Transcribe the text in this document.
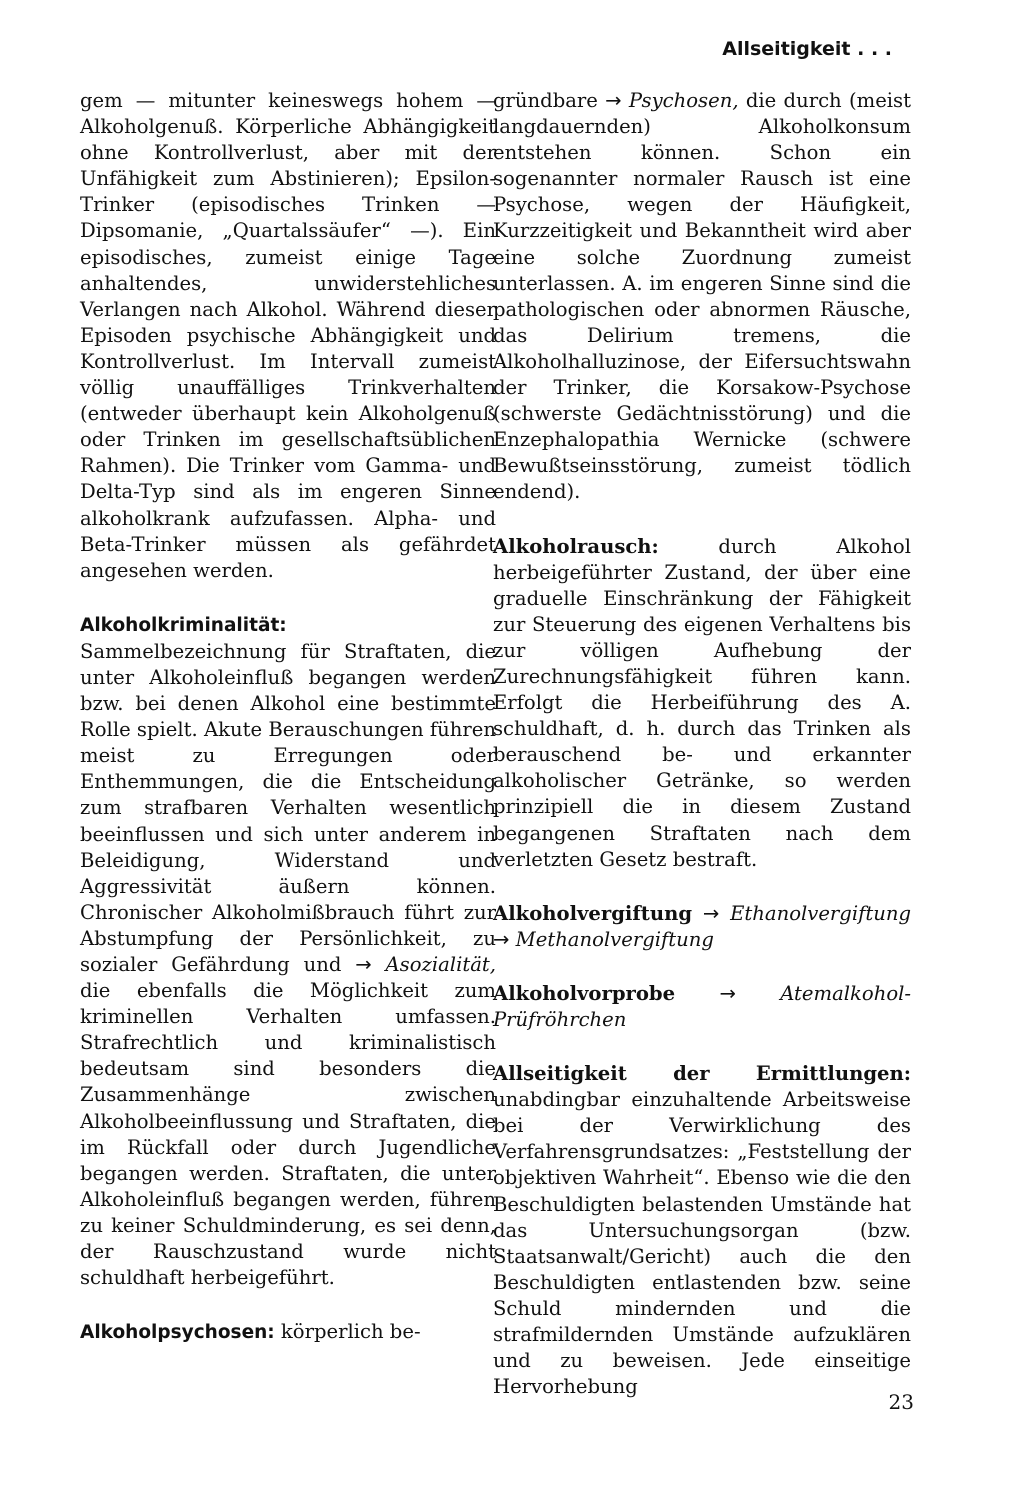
Allseitigkeit . . .

gem — mitunter keineswegs hohem — Alkoholgenuß. Körperliche Abhängigkeit ohne Kontrollverlust, aber mit der Unfähigkeit zum Abstinieren); Epsilon-Trinker (episodisches Trinken — Dipsomanie, „Quartalssäufer“ —). Ein episodisches, zumeist einige Tage anhaltendes, unwiderstehliches Verlangen nach Alkohol. Während dieser Episoden psychische Abhängigkeit und Kontrollverlust. Im Intervall zumeist völlig unauffälliges Trinkverhalten (entweder überhaupt kein Alkoholgenuß oder Trinken im gesellschaftsüblichen Rahmen). Die Trinker vom Gamma- und Delta-Typ sind als im engeren Sinne alkoholkrank aufzufassen. Alpha- und Beta-Trinker müssen als gefährdet angesehen werden.

Alkoholkriminalität: Sammelbezeichnung für Straftaten, die unter Alkoholeinfluß begangen werden bzw. bei denen Alkohol eine bestimmte Rolle spielt. Akute Berauschungen führen meist zu Erregungen oder Enthemmungen, die die Entscheidung zum strafbaren Verhalten wesentlich beeinflussen und sich unter anderem in Beleidigung, Widerstand und Aggressivität äußern können. Chronischer Alkoholmißbrauch führt zur Abstumpfung der Persönlichkeit, zu sozialer Gefährdung und → Asozialität, die ebenfalls die Möglichkeit zum kriminellen Verhalten umfassen. Strafrechtlich und kriminalistisch bedeutsam sind besonders die Zusammenhänge zwischen Alkoholbeeinflussung und Straftaten, die im Rückfall oder durch Jugendliche begangen werden. Straftaten, die unter Alkoholeinfluß begangen werden, führen zu keiner Schuldminderung, es sei denn, der Rauschzustand wurde nicht schuldhaft herbeigeführt.

Alkoholpsychosen: körperlich be-

gründbare → Psychosen, die durch (meist langdauernden) Alkoholkonsum entstehen können. Schon ein sogenannter normaler Rausch ist eine Psychose, wegen der Häufigkeit, Kurzzeitigkeit und Bekanntheit wird aber eine solche Zuordnung zumeist unterlassen. A. im engeren Sinne sind die pathologischen oder abnormen Räusche, das Delirium tremens, die Alkoholhalluzinose, der Eifersuchtswahn der Trinker, die Korsakow-Psychose (schwerste Gedächtnisstörung) und die Enzephalopathia Wernicke (schwere Bewußtseinsstörung, zumeist tödlich endend).

Alkoholrausch: durch Alkohol herbeigeführter Zustand, der über eine graduelle Einschränkung der Fähigkeit zur Steuerung des eigenen Verhaltens bis zur völligen Aufhebung der Zurechnungsfähigkeit führen kann. Erfolgt die Herbeiführung des A. schuldhaft, d. h. durch das Trinken als berauschend be- und erkannter alkoholischer Getränke, so werden prinzipiell die in diesem Zustand begangenen Straftaten nach dem verletzten Gesetz bestraft.

Alkoholvergiftung → Ethanolvergiftung → Methanolvergiftung

Alkoholvorprobe → Atemalkohol-Prüfröhrchen

Allseitigkeit der Ermittlungen: unabdingbar einzuhaltende Arbeitsweise bei der Verwirklichung des Verfahrensgrundsatzes: „Feststellung der objektiven Wahrheit“. Ebenso wie die den Beschuldigten belastenden Umstände hat das Untersuchungsorgan (bzw. Staatsanwalt/Gericht) auch die den Beschuldigten entlastenden bzw. seine Schuld mindernden und die strafmildernden Umstände aufzuklären und zu beweisen. Jede einseitige Hervorhebung

23
